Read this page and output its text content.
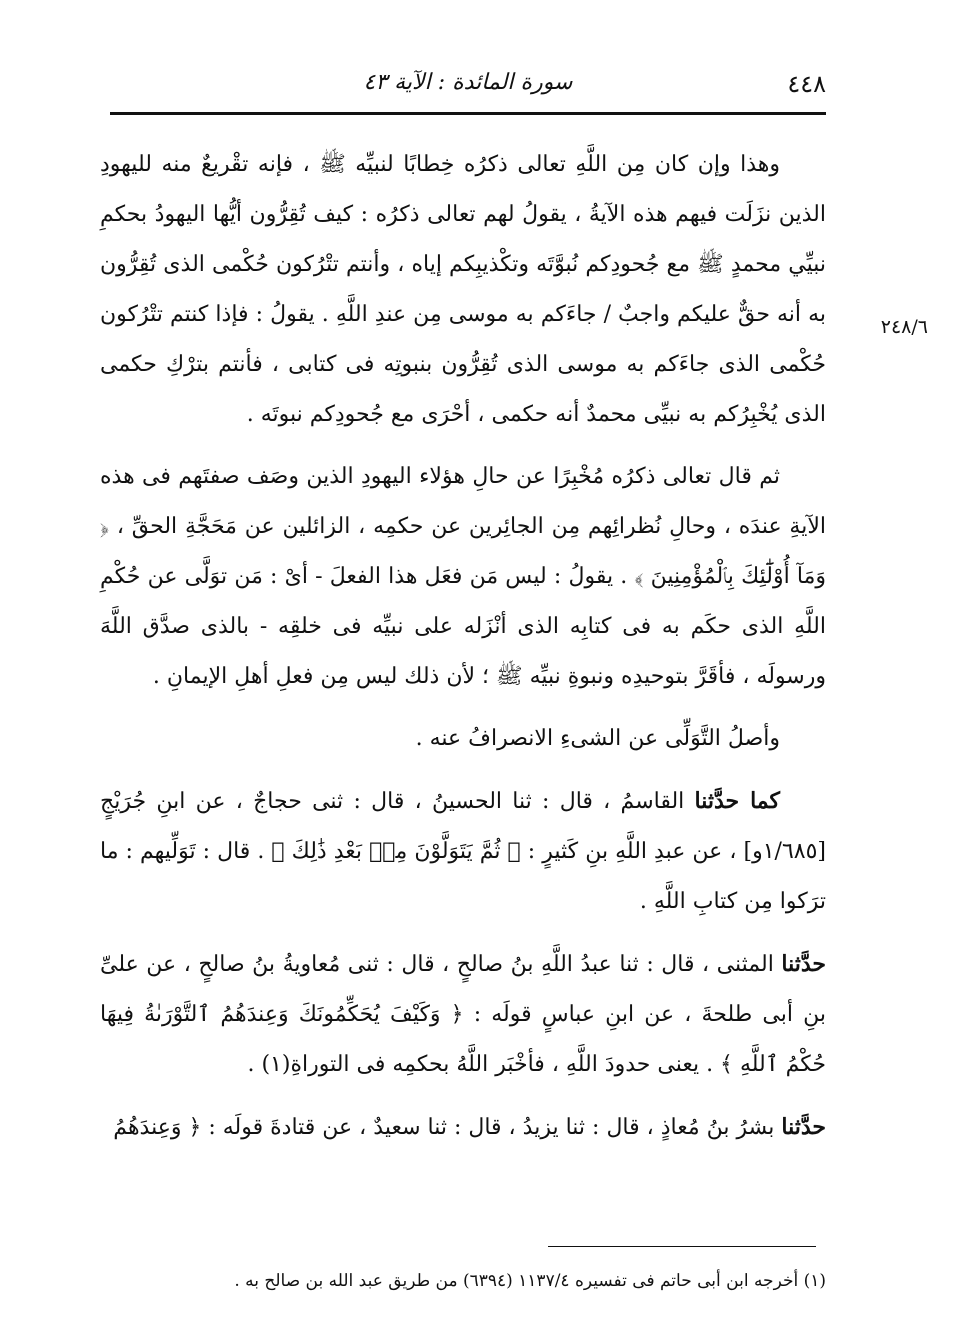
٤٤٨
سورة المائدة : الآية ٤٣
٢٤٨/٦

وهذا وإن كان مِن اللَّهِ تعالى ذكرُه خِطابًا لنبيِّه ﷺ ، فإنه تقْريعٌ منه لليهودِ الذين نزَلَت فيهم هذه الآيةُ ، يقولُ لهم تعالى ذكرُه : كيف تُقِرُّون أيُّها اليهودُ بحكمِ نبيِّي محمدٍ ﷺ مع جُحودِكم نُبوَّتَه وتكْذيبِكم إياه ، وأنتم تتْرُكون حُكْمى الذى تُقِرُّون به أنه حقٌّ عليكم واجبٌ / جاءَكم به موسى مِن عندِ اللَّهِ . يقولُ : فإذا كنتم تتْرُكون حُكْمى الذى جاءَكم به موسى الذى تُقِرُّون بنبوتِه فى كتابى ، فأنتم بترْكِ حكمى الذى يُخْبِرُكم به نبيِّى محمدٌ أنه حكمى ، أحْرَى مع جُحودِكم نبوتَه .

ثم قال تعالى ذكرُه مُخْبِرًا عن حالِ هؤلاء اليهودِ الذين وصَف صفتَهم فى هذه الآيةِ عندَه ، وحالِ نُظرائِهم مِن الجائِرين عن حكمِه ، الزائلين عن مَحَجَّةِ الحقِّ ، ﴿ وَمَآ أُوْلَٰٓئِكَ بِٱلْمُؤْمِنِينَ ﴾ . يقولُ : ليس مَن فعَل هذا الفعلَ - أىْ : مَن توَلَّى عن حُكْمِ اللَّهِ الذى حكَم به فى كتابِه الذى أنْزَله على نبيِّه فى خلقِه - بالذى صدَّق اللَّهَ ورسولَه ، فأقَرَّ بتوحيدِه ونبوةِ نبيِّه ﷺ ؛ لأن ذلك ليس مِن فعلِ أهلِ الإيمانِ .

وأصلُ التَّوَلِّى عن الشىءِ الانصرافُ عنه .

كما حدَّثنا القاسمُ ، قال : ثنا الحسينُ ، قال : ثنى حجاجٌ ، عن ابنِ جُرَيْجٍ [١/٦٨٥و] ، عن عبدِ اللَّهِ بنِ كَثيرٍ : ﴿ ثُمَّ يَتَوَلَّوْنَ مِنۢ بَعْدِ ذَٰلِكَ ﴾ . قال : تَوَلِّيهم : ما ترَكوا مِن كتابِ اللَّهِ .

حدَّثنا المثنى ، قال : ثنا عبدُ اللَّهِ بنُ صالحٍ ، قال : ثنى مُعاويةُ بنُ صالحٍ ، عن علىِّ بنِ أبى طلحةَ ، عن ابنِ عباسٍ قولَه : ﴿ وَكَيْفَ يُحَكِّمُونَكَ وَعِندَهُمُ ٱلتَّوْرَىٰةُ فِيهَا حُكْمُ ٱللَّهِ ﴾ . يعنى حدودَ اللَّهِ ، فأخْبَر اللَّهُ بحكمِه فى التوراةِ(١) .

حدَّثنا بشرُ بنُ مُعاذٍ ، قال : ثنا يزيدُ ، قال : ثنا سعيدٌ ، عن قتادةَ قولَه : ﴿ وَعِندَهُمُ

(١) أخرجه ابن أبى حاتم فى تفسيره ١١٣٧/٤ (٦٣٩٤) من طريق عبد الله بن صالح به .
